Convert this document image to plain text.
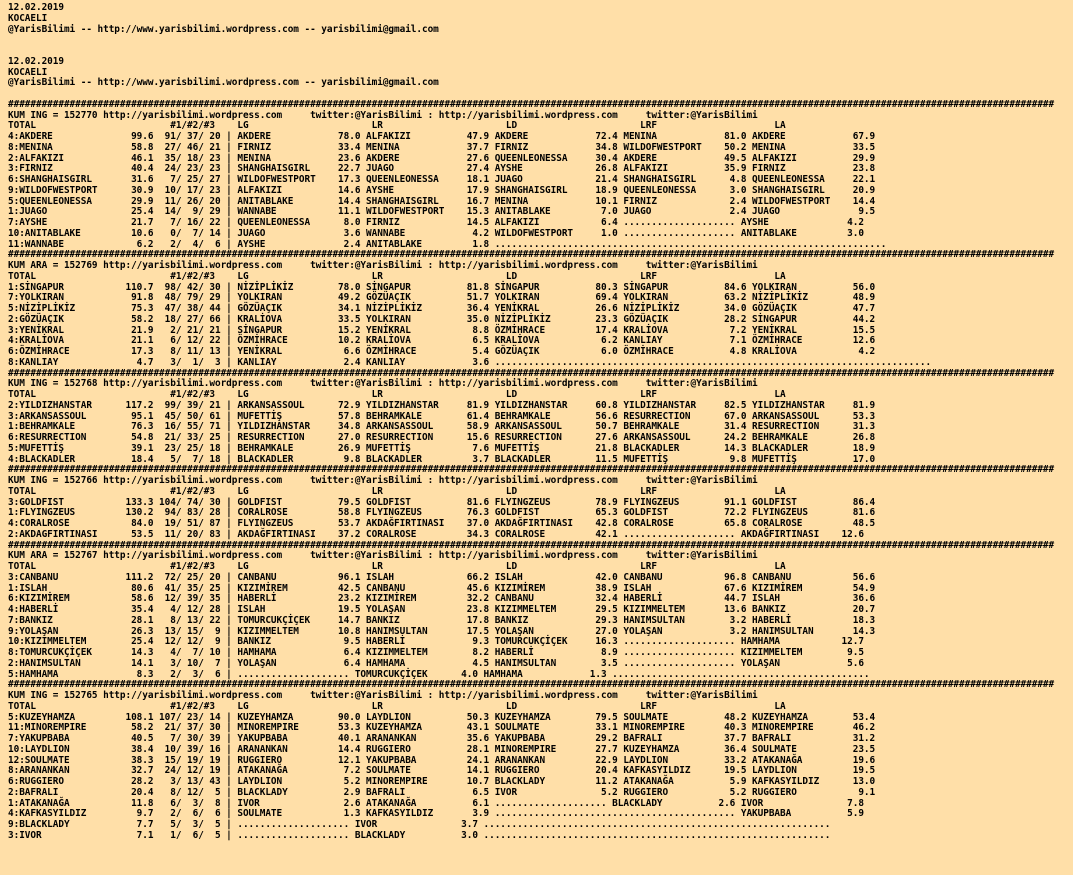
12.02.2019
KOCAELI
@YarisBilimi -- http://www.yarisbilimi.wordpress.com -- yarisbilimi@gmail.com

12.02.2019
KOCAELI
@YarisBilimi -- http://www.yarisbilimi.wordpress.com -- yarisbilimi@gmail.com

###########################################################################################################################################################################################
KUM ING = 152770 http://yarisbilimi.wordpress.com     twitter:@YarisBilimi : http://yarisbilimi.wordpress.com     twitter:@YarisBilimi
TOTAL                        #1/#2/#3    LG                      LR                      LD                      LRF                     LA
4:AKDERE              99.6  91/ 37/ 20 | AKDERE            78.0 ALFAKIZI          47.9 AKDERE            72.4 MENINA            81.0 AKDERE            67.9
8:MENINA              58.8  27/ 46/ 21 | FIRNIZ            33.4 MENINA            37.7 FIRNIZ            34.8 WILDOFWESTPORT    50.2 MENINA            33.5
2:ALFAKIZI            46.1  35/ 18/ 23 | MENINA            23.6 AKDERE            27.6 QUEENLEONESSA     30.4 AKDERE            49.5 ALFAKIZI          29.9
3:FIRNIZ              40.4  24/ 23/ 23 | SHANGHAISGIRL     22.7 JUAGO             27.4 AYSHE             26.8 ALFAKIZI          35.9 FIRNIZ            23.8
6:SHANGHAISGIRL       31.6   7/ 25/ 27 | WILDOFWESTPORT    17.3 QUEENLEONESSA     18.1 JUAGO             21.4 SHANGHAISGIRL      4.8 QUEENLEONESSA     22.1
9:WILDOFWESTPORT      30.9  10/ 17/ 23 | ALFAKIZI          14.6 AYSHE             17.9 SHANGHAISGIRL     18.9 QUEENLEONESSA      3.0 SHANGHAISGIRL     20.9
5:QUEENLEONESSA       29.9  11/ 26/ 20 | ANITABLAKE        14.4 SHANGHAISGIRL     16.7 MENINA            10.1 FIRNIZ             2.4 WILDOFWESTPORT    14.4
1:JUAGO               25.4  14/  9/ 29 | WANNABE           11.1 WILDOFWESTPORT    15.3 ANITABLAKE         7.0 JUAGO              2.4 JUAGO              9.5
7:AYSHE               21.7   7/ 16/ 22 | QUEENLEONESSA      8.0 FIRNIZ            14.5 ALFAKIZI           6.4 .................... AYSHE              4.2
10:ANITABLAKE         10.6   0/  7/ 14 | JUAGO              3.6 WANNABE            4.2 WILDOFWESTPORT     1.0 .................... ANITABLAKE         3.0
11:WANNABE             6.2   2/  4/  6 | AYSHE              2.4 ANITABLAKE         1.8 ......................................................................
###########################################################################################################################################################################################
KUM ARA = 152769 http://yarisbilimi.wordpress.com     twitter:@YarisBilimi : http://yarisbilimi.wordpress.com     twitter:@YarisBilimi
TOTAL                        #1/#2/#3    LG                      LR                      LD                      LRF                     LA
1:SİNGAPUR           110.7  98/ 42/ 30 | NİZİPLİKİZ        78.0 SİNGAPUR          81.8 SİNGAPUR          80.3 SİNGAPUR          84.6 YOLKIRAN          56.0
7:YOLKIRAN            91.8  48/ 79/ 29 | YOLKIRAN          49.2 GÖZÜAÇIK          51.7 YOLKIRAN          69.4 YOLKIRAN          63.2 NİZİPLİKİZ        48.9
5:NİZİPLİKİZ          75.3  47/ 38/ 44 | GÖZÜAÇIK          34.1 NİZİPLİKİZ        36.4 YENİKRAL          26.6 NİZİPLİKİZ        34.0 GÖZÜAÇIK          47.7
2:GÖZÜAÇIK            58.2  18/ 27/ 66 | KRALİOVA          33.5 YOLKIRAN          35.0 NİZİPLİKİZ        23.3 GÖZÜAÇIK          28.2 SİNGAPUR          44.2
3:YENİKRAL            21.9   2/ 21/ 21 | SİNGAPUR          15.2 YENİKRAL           8.8 ÖZMİHRACE         17.4 KRALİOVA           7.2 YENİKRAL          15.5
4:KRALİOVA            21.1   6/ 12/ 22 | ÖZMİHRACE         10.2 KRALİOVA           6.5 KRALİOVA           6.2 KANLIAY            7.1 ÖZMİHRACE         12.6
6:ÖZMİHRACE           17.3   8/ 11/ 13 | YENİKRAL           6.6 ÖZMİHRACE          5.4 GÖZÜAÇIK           6.0 ÖZMİHRACE          4.8 KRALİOVA           4.2
8:KANLIAY              4.7   3/  1/  3 | KANLIAY            2.4 KANLIAY            3.6 ..............................................................................
###########################################################################################################################################################################################
KUM ING = 152768 http://yarisbilimi.wordpress.com     twitter:@YarisBilimi : http://yarisbilimi.wordpress.com     twitter:@YarisBilimi
TOTAL                        #1/#2/#3    LG                      LR                      LD                      LRF                     LA
2:YILDIZHANSTAR      117.2  99/ 39/ 21 | ARKANSASSOUL      72.9 YILDIZHANSTAR     81.9 YILDIZHANSTAR     60.8 YILDIZHANSTAR     82.5 YILDIZHANSTAR     81.9
3:ARKANSASSOUL        95.1  45/ 50/ 61 | MUFETTİŞ          57.8 BEHRAMKALE        61.4 BEHRAMKALE        56.6 RESURRECTION      67.0 ARKANSASSOUL      53.3
1:BEHRAMKALE          76.3  16/ 55/ 71 | YILDIZHANSTAR     34.8 ARKANSASSOUL      58.9 ARKANSASSOUL      50.7 BEHRAMKALE        31.4 RESURRECTION      31.3
6:RESURRECTION        54.8  21/ 33/ 25 | RESURRECTION      27.0 RESURRECTION      15.6 RESURRECTION      27.6 ARKANSASSOUL      24.2 BEHRAMKALE        26.8
5:MUFETTİŞ            39.1  23/ 25/ 18 | BEHRAMKALE        26.9 MUFETTİŞ           7.6 MUFETTİŞ          21.8 BLACKADLER        14.3 BLACKADLER        18.9
4:BLACKADLER          18.4   5/  7/ 18 | BLACKADLER         9.8 BLACKADLER         3.7 BLACKADLER        11.5 MUFETTİŞ           9.8 MUFETTİŞ          17.0
###########################################################################################################################################################################################
KUM ING = 152766 http://yarisbilimi.wordpress.com     twitter:@YarisBilimi : http://yarisbilimi.wordpress.com     twitter:@YarisBilimi
TOTAL                        #1/#2/#3    LG                      LR                      LD                      LRF                     LA
3:GOLDFIST           133.3 104/ 74/ 30 | GOLDFIST          79.5 GOLDFIST          81.6 FLYINGZEUS        78.9 FLYINGZEUS        91.1 GOLDFIST          86.4
1:FLYINGZEUS         130.2  94/ 83/ 28 | CORALROSE         58.8 FLYINGZEUS        76.3 GOLDFIST          65.3 GOLDFIST          72.2 FLYINGZEUS        81.6
4:CORALROSE           84.0  19/ 51/ 87 | FLYINGZEUS        53.7 AKDAĞFIRTINASI    37.0 AKDAĞFIRTINASI    42.8 CORALROSE         65.8 CORALROSE         48.5
2:AKDAGFIRTINASI      53.5  11/ 20/ 83 | AKDAĞFIRTINASI    37.2 CORALROSE         34.3 CORALROSE         42.1 .................... AKDAĞFIRTINASI    12.6
###########################################################################################################################################################################################
KUM ARA = 152767 http://yarisbilimi.wordpress.com     twitter:@YarisBilimi : http://yarisbilimi.wordpress.com     twitter:@YarisBilimi
TOTAL                        #1/#2/#3    LG                      LR                      LD                      LRF                     LA
3:CANBANU            111.2  72/ 25/ 20 | CANBANU           96.1 ISLAH             66.2 ISLAH             42.0 CANBANU           96.8 CANBANU           56.6
1:ISLAH               80.6  41/ 35/ 25 | KIZIMİREM         42.5 CANBANU           45.6 KIZIMİREM         38.9 ISLAH             67.6 KIZIMİREM         54.9
6:KIZIMİREM           58.6  12/ 39/ 35 | HABERLİ           23.2 KIZIMİREM         32.2 CANBANU           32.4 HABERLİ           44.7 ISLAH             36.6
4:HABERLİ             35.4   4/ 12/ 28 | ISLAH             19.5 YOLAŞAN           23.8 KIZIMMELTEM       29.5 KIZIMMELTEM       13.6 BANKIZ            20.7
7:BANKIZ              28.1   8/ 13/ 22 | TOMURCUKÇİÇEK     14.7 BANKIZ            17.8 BANKIZ            29.3 HANIMSULTAN        3.2 HABERLİ           18.3
9:YOLAŞAN             26.3  13/ 15/  9 | KIZIMMELTEM       10.8 HANIMSULTAN       17.5 YOLAŞAN           27.0 YOLAŞAN            3.2 HANIMSULTAN       14.3
10:KIZIMMELTEM        25.4  12/ 12/  9 | BANKIZ             9.5 HABERLİ            9.3 TOMURCUKÇİÇEK     16.3 .................... HAMHAMA           12.7
8:TOMURCUKÇİÇEK       14.3   4/  7/ 10 | HAMHAMA            6.4 KIZIMMELTEM        8.2 HABERLİ            8.9 .................... KIZIMMELTEM        9.5
2:HANIMSULTAN         14.1   3/ 10/  7 | YOLAŞAN            6.4 HAMHAMA            4.5 HANIMSULTAN        3.5 .................... YOLAŞAN            5.6
5:HAMHAMA              8.3   2/  3/  6 | .................... TOMURCUKÇİÇEK      4.0 HAMHAMA            1.3 ..............................................
###########################################################################################################################################################################################
KUM ING = 152765 http://yarisbilimi.wordpress.com     twitter:@YarisBilimi : http://yarisbilimi.wordpress.com     twitter:@YarisBilimi
TOTAL                        #1/#2/#3    LG                      LR                      LD                      LRF                     LA
5:KUZEYHAMZA         108.1 107/ 23/ 14 | KUZEYHAMZA        90.0 LAYDLION          50.3 KUZEYHAMZA        79.5 SOULMATE          48.2 KUZEYHAMZA        53.4
11:MINOREMPIRE        58.2  21/ 37/ 30 | MINOREMPIRE       53.3 KUZEYHAMZA        43.1 SOULMATE          33.1 MINOREMPIRE       40.3 MINOREMPIRE       46.2
7:YAKUPBABA           40.5   7/ 30/ 39 | YAKUPBABA         40.1 ARANANKAN         35.6 YAKUPBABA         29.2 BAFRALI           37.7 BAFRALI           31.2
10:LAYDLION           38.4  10/ 39/ 16 | ARANANKAN         14.4 RUGGIERO          28.1 MINOREMPIRE       27.7 KUZEYHAMZA        36.4 SOULMATE          23.5
12:SOULMATE           38.3  15/ 19/ 19 | RUGGIERO          12.1 YAKUPBABA         24.1 ARANANKAN         22.9 LAYDLION          33.2 ATAKANAĞA         19.6
8:ARANANKAN           32.7  24/ 12/ 19 | ATAKANAĞA          7.2 SOULMATE          14.1 RUGGIERO          20.4 KAFKASYILDIZ      19.5 LAYDLION          19.5
6:RUGGIERO            28.2   3/ 13/ 43 | LAYDLION           5.2 MINOREMPIRE       10.7 BLACKLADY         11.2 ATAKANAĞA          5.9 KAFKASYILDIZ      13.0
2:BAFRALI             20.4   8/ 12/  5 | BLACKLADY          2.9 BAFRALI            6.5 IVOR               5.2 RUGGIERO           5.2 RUGGIERO           9.1
1:ATAKANAĞA           11.8   6/  3/  8 | IVOR               2.6 ATAKANAĞA          6.1 .................... BLACKLADY          2.6 IVOR               7.8
4:KAFKASYILDIZ         9.7   2/  6/  6 | SOULMATE           1.3 KAFKASYILDIZ       3.9 ........................................... YAKUPBABA          5.9
9:BLACKLADY            7.7   5/  3/  5 | .................... IVOR               3.7 ..............................................................
3:IVOR                 7.1   1/  6/  5 | .................... BLACKLADY          3.0 ..............................................................
